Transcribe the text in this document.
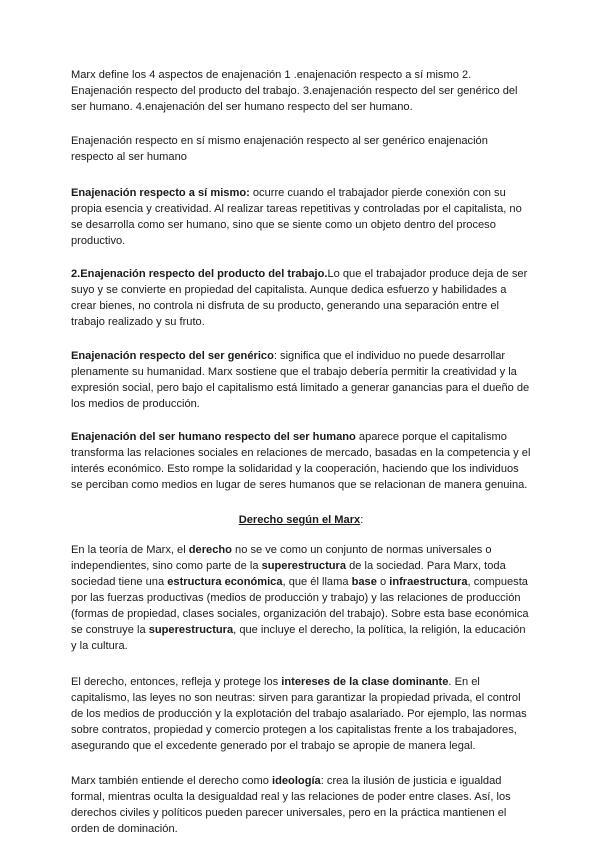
Marx define los 4 aspectos de enajenación 1 .enajenación respecto a sí mismo 2. Enajenación respecto del producto del trabajo. 3.enajenación respecto del ser genérico del ser humano. 4.enajenación del ser humano respecto del ser humano.

Enajenación respecto en sí mismo enajenación respecto al ser genérico enajenación respecto al ser humano

Enajenación respecto a sí mismo: ocurre cuando el trabajador pierde conexión con su propia esencia y creatividad. Al realizar tareas repetitivas y controladas por el capitalista, no se desarrolla como ser humano, sino que se siente como un objeto dentro del proceso productivo.

2.Enajenación respecto del producto del trabajo.Lo que el trabajador produce deja de ser suyo y se convierte en propiedad del capitalista. Aunque dedica esfuerzo y habilidades a crear bienes, no controla ni disfruta de su producto, generando una separación entre el trabajo realizado y su fruto.

Enajenación respecto del ser genérico: significa que el individuo no puede desarrollar plenamente su humanidad. Marx sostiene que el trabajo debería permitir la creatividad y la expresión social, pero bajo el capitalismo está limitado a generar ganancias para el dueño de los medios de producción.

Enajenación del ser humano respecto del ser humano aparece porque el capitalismo transforma las relaciones sociales en relaciones de mercado, basadas en la competencia y el interés económico. Esto rompe la solidaridad y la cooperación, haciendo que los individuos se perciban como medios en lugar de seres humanos que se relacionan de manera genuina.

Derecho según el Marx:

En la teoría de Marx, el derecho no se ve como un conjunto de normas universales o independientes, sino como parte de la superestructura de la sociedad. Para Marx, toda sociedad tiene una estructura económica, que él llama base o infraestructura, compuesta por las fuerzas productivas (medios de producción y trabajo) y las relaciones de producción (formas de propiedad, clases sociales, organización del trabajo). Sobre esta base económica se construye la superestructura, que incluye el derecho, la política, la religión, la educación y la cultura.

El derecho, entonces, refleja y protege los intereses de la clase dominante. En el capitalismo, las leyes no son neutras: sirven para garantizar la propiedad privada, el control de los medios de producción y la explotación del trabajo asalariado. Por ejemplo, las normas sobre contratos, propiedad y comercio protegen a los capitalistas frente a los trabajadores, asegurando que el excedente generado por el trabajo se apropie de manera legal.

Marx también entiende el derecho como ideología: crea la ilusión de justicia e igualdad formal, mientras oculta la desigualdad real y las relaciones de poder entre clases. Así, los derechos civiles y políticos pueden parecer universales, pero en la práctica mantienen el orden de dominación.
